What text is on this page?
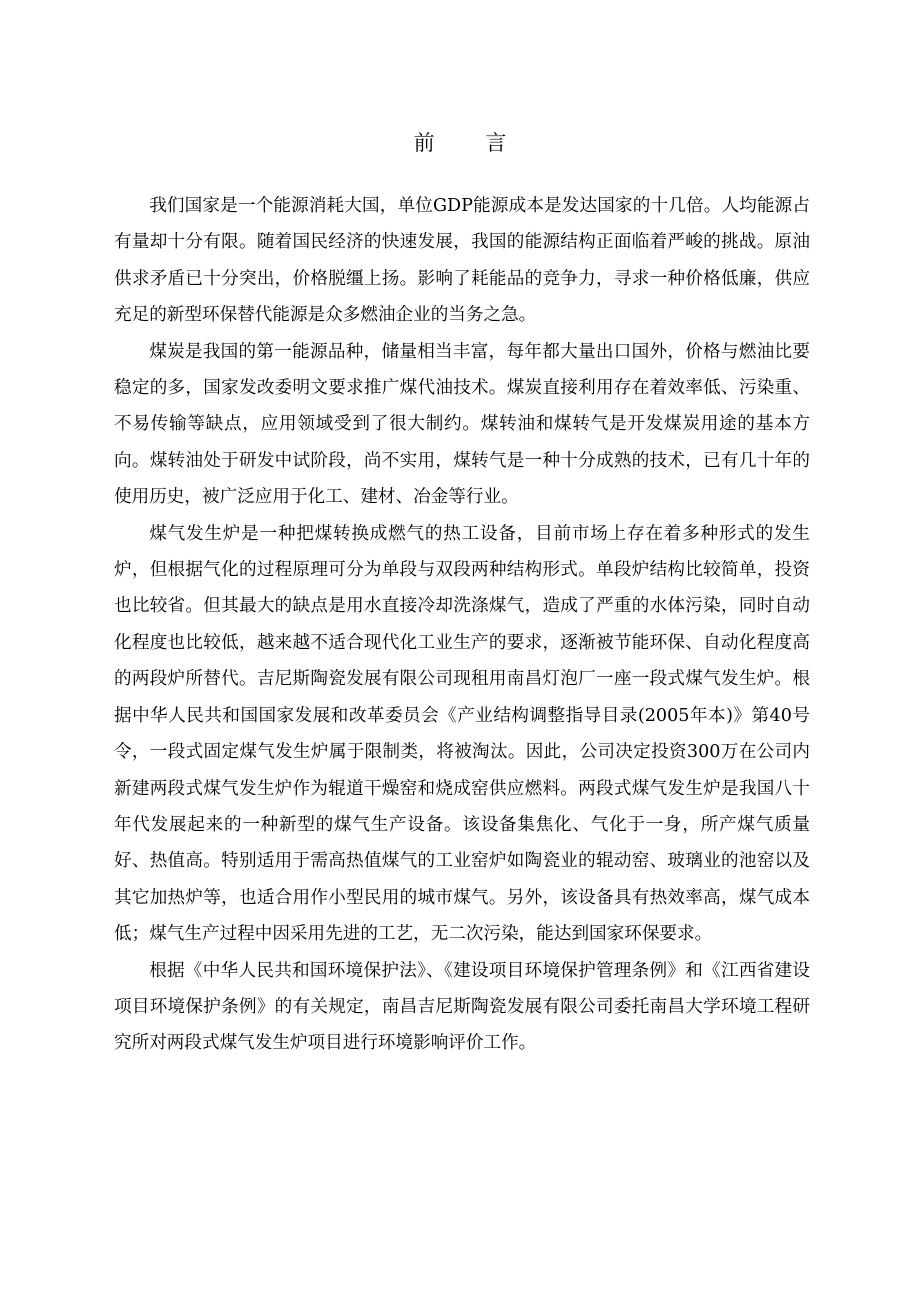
前 言

我们国家是一个能源消耗大国，单位GDP能源成本是发达国家的十几倍。人均能源占有量却十分有限。随着国民经济的快速发展，我国的能源结构正面临着严峻的挑战。原油供求矛盾已十分突出，价格脱缰上扬。影响了耗能品的竞争力，寻求一种价格低廉，供应充足的新型环保替代能源是众多燃油企业的当务之急。

煤炭是我国的第一能源品种，储量相当丰富，每年都大量出口国外，价格与燃油比要稳定的多，国家发改委明文要求推广煤代油技术。煤炭直接利用存在着效率低、污染重、不易传输等缺点，应用领域受到了很大制约。煤转油和煤转气是开发煤炭用途的基本方向。煤转油处于研发中试阶段，尚不实用，煤转气是一种十分成熟的技术，已有几十年的使用历史，被广泛应用于化工、建材、冶金等行业。

煤气发生炉是一种把煤转换成燃气的热工设备，目前市场上存在着多种形式的发生炉，但根据气化的过程原理可分为单段与双段两种结构形式。单段炉结构比较简单，投资也比较省。但其最大的缺点是用水直接冷却洗涤煤气，造成了严重的水体污染，同时自动化程度也比较低，越来越不适合现代化工业生产的要求，逐渐被节能环保、自动化程度高的两段炉所替代。吉尼斯陶瓷发展有限公司现租用南昌灯泡厂一座一段式煤气发生炉。根据中华人民共和国国家发展和改革委员会《产业结构调整指导目录(2005年本)》第40号令，一段式固定煤气发生炉属于限制类，将被淘汰。因此，公司决定投资300万在公司内新建两段式煤气发生炉作为辊道干燥窑和烧成窑供应燃料。两段式煤气发生炉是我国八十年代发展起来的一种新型的煤气生产设备。该设备集焦化、气化于一身，所产煤气质量好、热值高。特别适用于需高热值煤气的工业窑炉如陶瓷业的辊动窑、玻璃业的池窑以及其它加热炉等，也适合用作小型民用的城市煤气。另外，该设备具有热效率高，煤气成本低；煤气生产过程中因采用先进的工艺，无二次污染，能达到国家环保要求。

根据《中华人民共和国环境保护法》、《建设项目环境保护管理条例》和《江西省建设项目环境保护条例》的有关规定，南昌吉尼斯陶瓷发展有限公司委托南昌大学环境工程研究所对两段式煤气发生炉项目进行环境影响评价工作。
